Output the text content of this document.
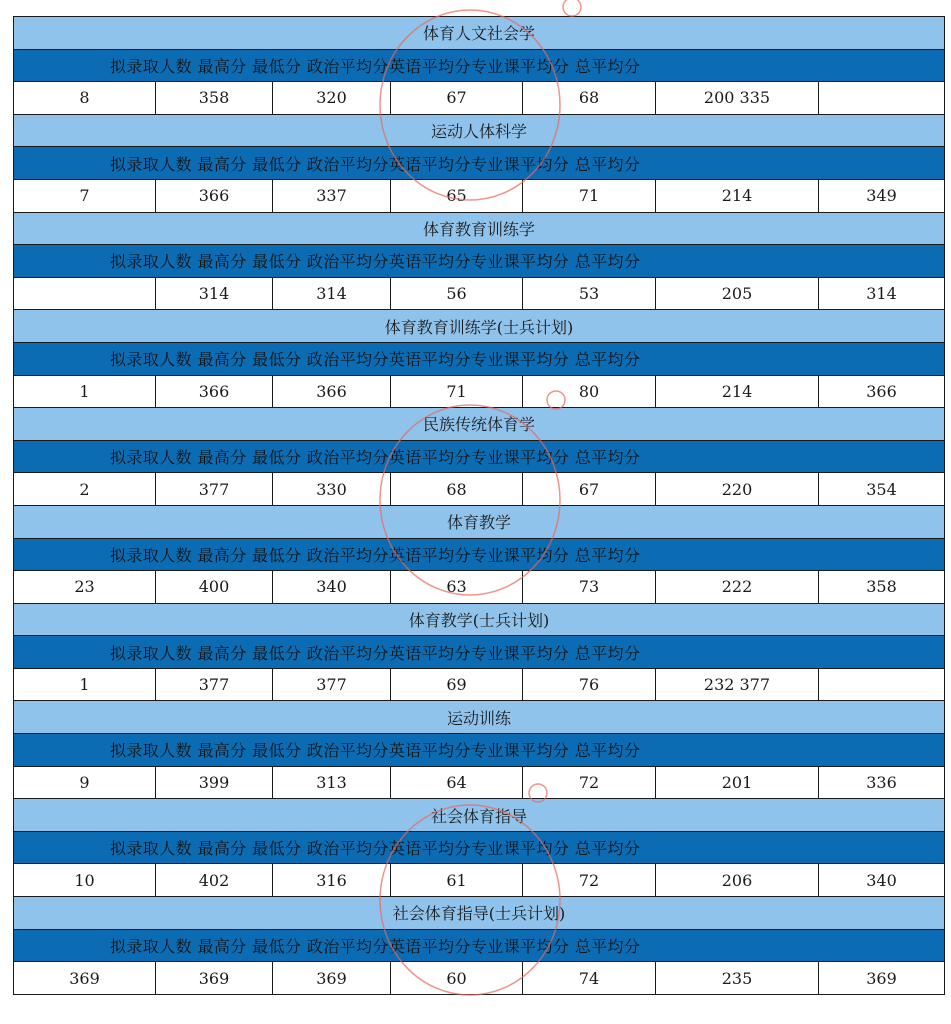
体育人文社会学						
拟录取人数 最高分 最低分 政治平均分英语平均分专业课平均分 总平均分						
8	358	320	67	68	200 335	
运动人体科学						
拟录取人数 最高分 最低分 政治平均分英语平均分专业课平均分 总平均分						
7	366	337	65	71	214	349
体育教育训练学						
拟录取人数 最高分 最低分 政治平均分英语平均分专业课平均分 总平均分						
	314	314	56	53	205	314
体育教育训练学(士兵计划)						
拟录取人数 最高分 最低分 政治平均分英语平均分专业课平均分 总平均分						
1	366	366	71	80	214	366
民族传统体育学						
拟录取人数 最高分 最低分 政治平均分英语平均分专业课平均分 总平均分						
2	377	330	68	67	220	354
体育教学						
拟录取人数 最高分 最低分 政治平均分英语平均分专业课平均分 总平均分						
23	400	340	63	73	222	358
体育教学(士兵计划)						
拟录取人数 最高分 最低分 政治平均分英语平均分专业课平均分 总平均分						
1	377	377	69	76	232 377	
运动训练						
拟录取人数 最高分 最低分 政治平均分英语平均分专业课平均分 总平均分						
9	399	313	64	72	201	336
社会体育指导						
拟录取人数 最高分 最低分 政治平均分英语平均分专业课平均分 总平均分						
10	402	316	61	72	206	340
社会体育指导(士兵计划)						
拟录取人数 最高分 最低分 政治平均分英语平均分专业课平均分 总平均分						
369	369	369	60	74	235	369
